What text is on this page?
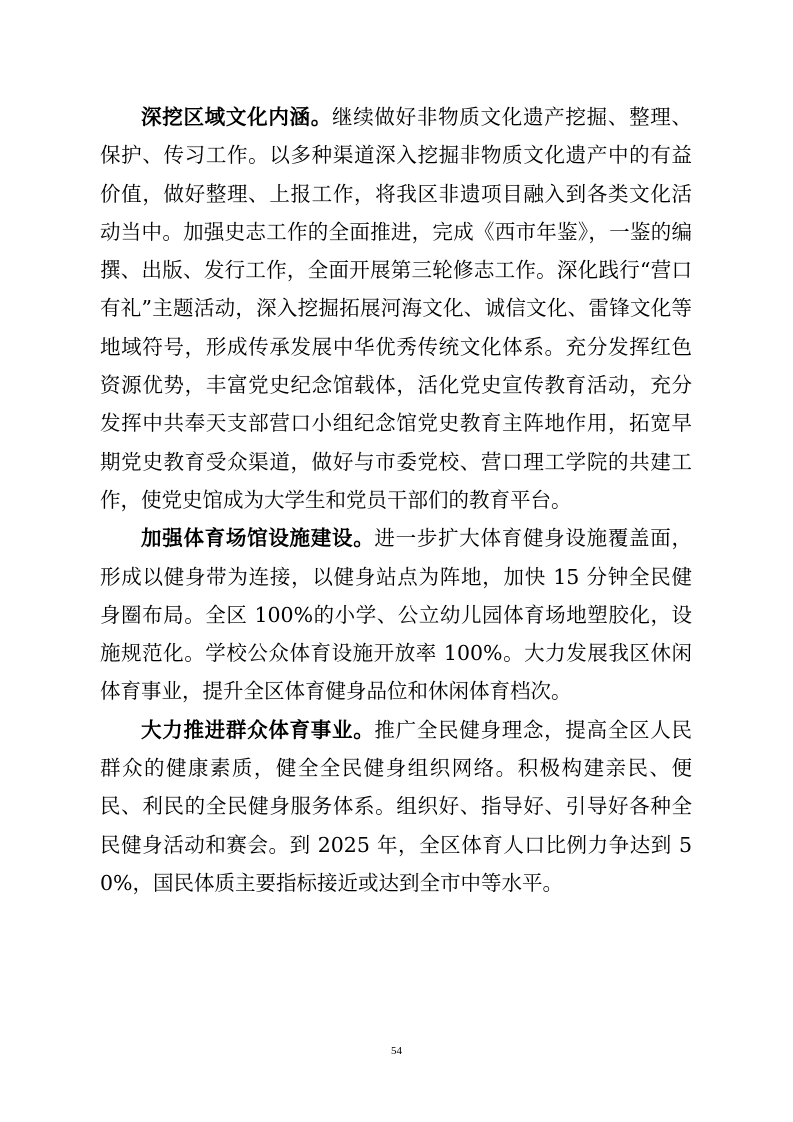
深挖区域文化内涵。继续做好非物质文化遗产挖掘、整理、保护、传习工作。以多种渠道深入挖掘非物质文化遗产中的有益价值，做好整理、上报工作，将我区非遗项目融入到各类文化活动当中。加强史志工作的全面推进，完成《西市年鉴》，一鉴的编撰、出版、发行工作，全面开展第三轮修志工作。深化践行“营口有礼”主题活动，深入挖掘拓展河海文化、诚信文化、雷锋文化等地域符号，形成传承发展中华优秀传统文化体系。充分发挥红色资源优势，丰富党史纪念馆载体，活化党史宣传教育活动，充分发挥中共奉天支部营口小组纪念馆党史教育主阵地作用，拓宽早期党史教育受众渠道，做好与市委党校、营口理工学院的共建工作，使党史馆成为大学生和党员干部们的教育平台。

加强体育场馆设施建设。进一步扩大体育健身设施覆盖面，形成以健身带为连接，以健身站点为阵地，加快 15 分钟全民健身圈布局。全区 100%的小学、公立幼儿园体育场地塑胶化，设施规范化。学校公众体育设施开放率 100%。大力发展我区休闲体育事业，提升全区体育健身品位和休闲体育档次。

大力推进群众体育事业。推广全民健身理念，提高全区人民群众的健康素质，健全全民健身组织网络。积极构建亲民、便民、利民的全民健身服务体系。组织好、指导好、引导好各种全民健身活动和赛会。到 2025 年，全区体育人口比例力争达到 50%，国民体质主要指标接近或达到全市中等水平。

54
